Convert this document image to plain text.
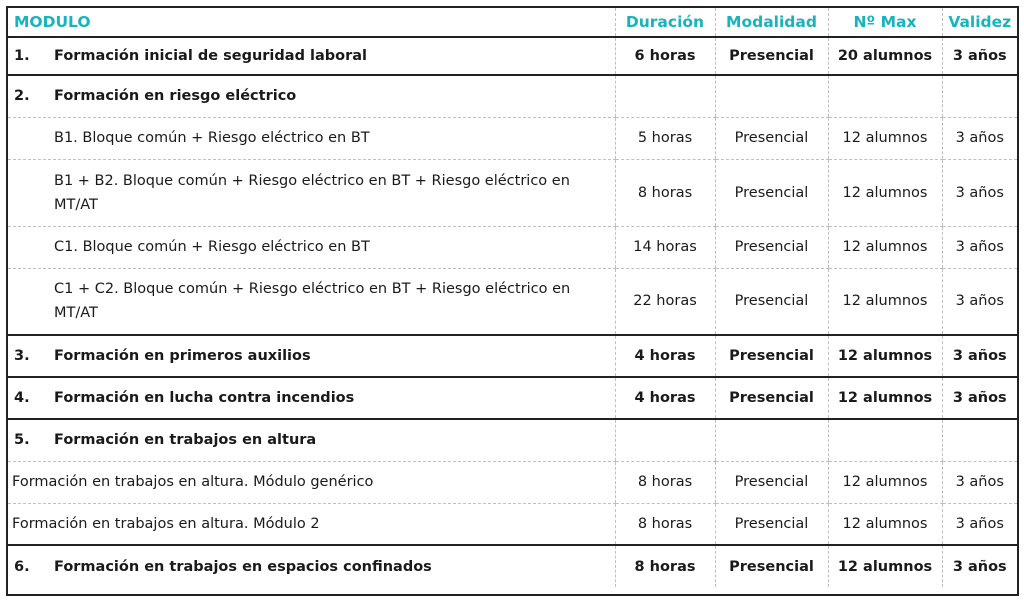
MODULO	Duración	Modalidad	Nº Max	Validez
1. Formación inicial de seguridad laboral	6 horas	Presencial	20 alumnos	3 años
2. Formación en riesgo eléctrico				

B1. Bloque común + Riesgo eléctrico en BT	5 horas	Presencial	12 alumnos	3 años

B1 + B2. Bloque común + Riesgo eléctrico en BT + Riesgo eléctrico en MT/AT	8 horas	Presencial	12 alumnos	3 años

C1. Bloque común + Riesgo eléctrico en BT	14 horas	Presencial	12 alumnos	3 años

C1 + C2. Bloque común + Riesgo eléctrico en BT + Riesgo eléctrico en MT/AT	22 horas	Presencial	12 alumnos	3 años
3. Formación en primeros auxilios	4 horas	Presencial	12 alumnos	3 años
4. Formación en lucha contra incendios	4 horas	Presencial	12 alumnos	3 años
5. Formación en trabajos en altura				

Formación en trabajos en altura. Módulo genérico	8 horas	Presencial	12 alumnos	3 años

Formación en trabajos en altura. Módulo 2	8 horas	Presencial	12 alumnos	3 años
6. Formación en trabajos en espacios confinados	8 horas	Presencial	12 alumnos	3 años
